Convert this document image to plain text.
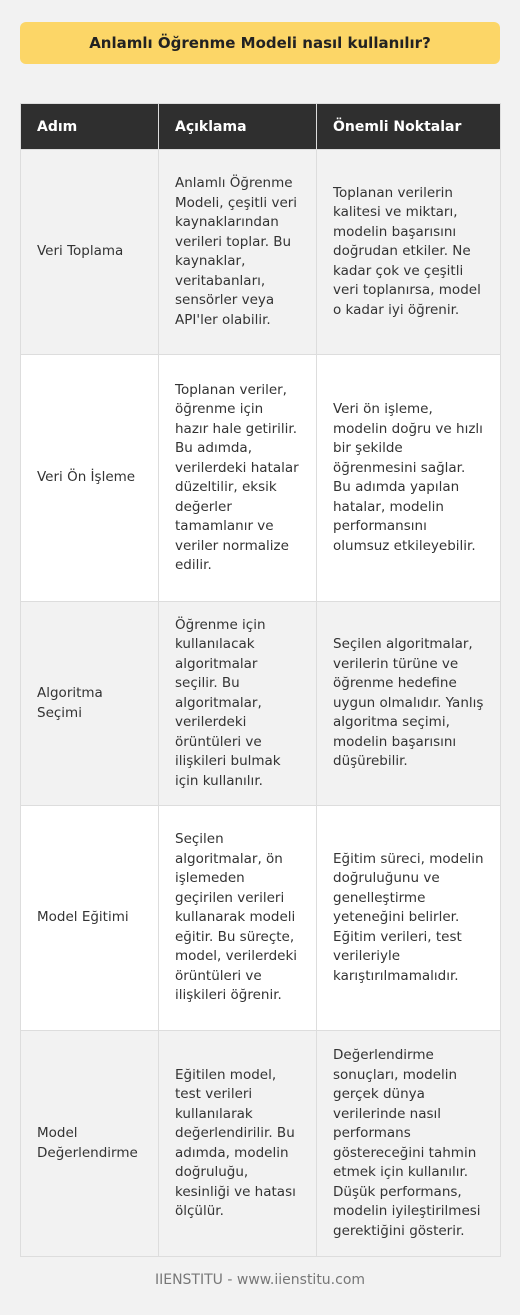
Anlamlı Öğrenme Modeli nasıl kullanılır?
Adım	Açıklama	Önemli Noktalar
Veri Toplama	Anlamlı Öğrenme Modeli, çeşitli veri kaynaklarından verileri toplar. Bu kaynaklar, veritabanları, sensörler veya API'ler olabilir.	Toplanan verilerin kalitesi ve miktarı, modelin başarısını doğrudan etkiler. Ne kadar çok ve çeşitli veri toplanırsa, model o kadar iyi öğrenir.
Veri Ön İşleme	Toplanan veriler, öğrenme için hazır hale getirilir. Bu adımda, verilerdeki hatalar düzeltilir, eksik değerler tamamlanır ve veriler normalize edilir.	Veri ön işleme, modelin doğru ve hızlı bir şekilde öğrenmesini sağlar. Bu adımda yapılan hatalar, modelin performansını olumsuz etkileyebilir.
Algoritma Seçimi	Öğrenme için kullanılacak algoritmalar seçilir. Bu algoritmalar, verilerdeki örüntüleri ve ilişkileri bulmak için kullanılır.	Seçilen algoritmalar, verilerin türüne ve öğrenme hedefine uygun olmalıdır. Yanlış algoritma seçimi, modelin başarısını düşürebilir.
Model Eğitimi	Seçilen algoritmalar, ön işlemeden geçirilen verileri kullanarak modeli eğitir. Bu süreçte, model, verilerdeki örüntüleri ve ilişkileri öğrenir.	Eğitim süreci, modelin doğruluğunu ve genelleştirme yeteneğini belirler. Eğitim verileri, test verileriyle karıştırılmamalıdır.
Model Değerlendirme	Eğitilen model, test verileri kullanılarak değerlendirilir. Bu adımda, modelin doğruluğu, kesinliği ve hatası ölçülür.	Değerlendirme sonuçları, modelin gerçek dünya verilerinde nasıl performans göstereceğini tahmin etmek için kullanılır. Düşük performans, modelin iyileştirilmesi gerektiğini gösterir.
IIENSTITU - www.iienstitu.com
